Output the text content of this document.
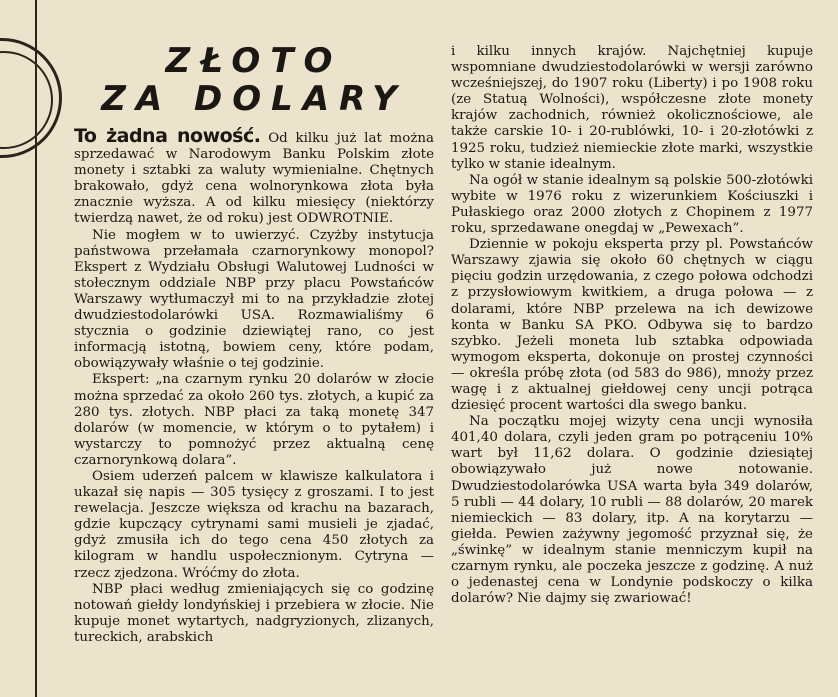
ZŁOTO
ZA DOLARY

To żadna nowość. Od kilku już lat można sprzedawać w Narodowym Banku Polskim złote monety i sztabki za waluty wymienialne. Chętnych brakowało, gdyż cena wolnorynkowa złota była znacznie wyższa. A od kilku miesięcy (niektórzy twierdzą nawet, że od roku) jest ODWROTNIE.

Nie mogłem w to uwierzyć. Czyżby instytucja państwowa przełamała czarnorynkowy monopol? Ekspert z Wydziału Obsługi Walutowej Ludności w stołecznym oddziale NBP przy placu Powstańców Warszawy wytłumaczył mi to na przykładzie złotej dwudziestodolarówki USA. Rozmawialiśmy 6 stycznia o godzinie dziewiątej rano, co jest informacją istotną, bowiem ceny, które podam, obowiązywały właśnie o tej godzinie.

Ekspert: „na czarnym rynku 20 dolarów w złocie można sprzedać za około 260 tys. złotych, a kupić za 280 tys. złotych. NBP płaci za taką monetę 347 dolarów (w momencie, w którym o to pytałem) i wystarczy to pomnożyć przez aktualną cenę czarnorynkową dolara”.

Osiem uderzeń palcem w klawisze kalkulatora i ukazał się napis — 305 tysięcy z groszami. I to jest rewelacja. Jeszcze większa od krachu na bazarach, gdzie kupczący cytrynami sami musieli je zjadać, gdyż zmusiła ich do tego cena 450 złotych za kilogram w handlu uspołecznionym. Cytryna — rzecz zjedzona. Wróćmy do złota.

NBP płaci według zmieniających się co godzinę notowań giełdy londyńskiej i przebiera w złocie. Nie kupuje monet wytartych, nadgryzionych, zlizanych, tureckich, arabskich

i kilku innych krajów. Najchętniej kupuje wspomniane dwudziestodolarówki w wersji zarówno wcześniejszej, do 1907 roku (Liberty) i po 1908 roku (ze Statuą Wolności), współczesne złote monety krajów zachodnich, również okolicznościowe, ale także carskie 10- i 20-rublówki, 10- i 20-złotówki z 1925 roku, tudzież niemieckie złote marki, wszystkie tylko w stanie idealnym.

Na ogół w stanie idealnym są polskie 500-złotówki wybite w 1976 roku z wizerunkiem Kościuszki i Pułaskiego oraz 2000 złotych z Chopinem z 1977 roku, sprzedawane onegdaj w „Pewexach”.

Dziennie w pokoju eksperta przy pl. Powstańców Warszawy zjawia się około 60 chętnych w ciągu pięciu godzin urzędowania, z czego połowa odchodzi z przysłowiowym kwitkiem, a druga połowa — z dolarami, które NBP przelewa na ich dewizowe konta w Banku SA PKO. Odbywa się to bardzo szybko. Jeżeli moneta lub sztabka odpowiada wymogom eksperta, dokonuje on prostej czynności — określa próbę złota (od 583 do 986), mnoży przez wagę i z aktualnej giełdowej ceny uncji potrąca dziesięć procent wartości dla swego banku.

Na początku mojej wizyty cena uncji wynosiła 401,40 dolara, czyli jeden gram po potrąceniu 10% wart był 11,62 dolara. O godzinie dziesiątej obowiązywało już nowe notowanie. Dwudziestodolarówka USA warta była 349 dolarów, 5 rubli — 44 dolary, 10 rubli — 88 dolarów, 20 marek niemieckich — 83 dolary, itp. A na korytarzu — giełda. Pewien zażywny jegomość przyznał się, że „świnkę” w idealnym stanie menniczym kupił na czarnym rynku, ale poczeka jeszcze z godzinę. A nuż o jedenastej cena w Londynie podskoczy o kilka dolarów? Nie dajmy się zwariować!
